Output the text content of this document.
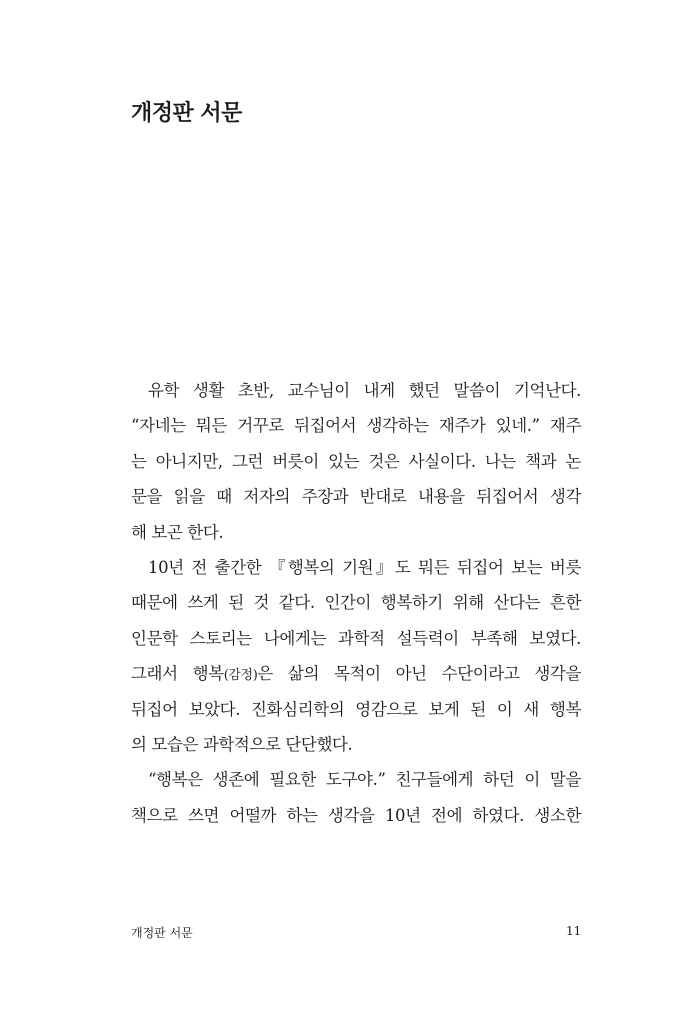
개정판 서문
유학 생활 초반, 교수님이 내게 했던 말씀이 기억난다.
“자네는 뭐든 거꾸로 뒤집어서 생각하는 재주가 있네.” 재주
는 아니지만, 그런 버릇이 있는 것은 사실이다. 나는 책과 논
문을 읽을 때 저자의 주장과 반대로 내용을 뒤집어서 생각
해 보곤 한다.
10년 전 출간한 『행복의 기원』도 뭐든 뒤집어 보는 버릇
때문에 쓰게 된 것 같다. 인간이 행복하기 위해 산다는 흔한
인문학 스토리는 나에게는 과학적 설득력이 부족해 보였다.
그래서 행복(감정)은 삶의 목적이 아닌 수단이라고 생각을
뒤집어 보았다. 진화심리학의 영감으로 보게 된 이 새 행복
의 모습은 과학적으로 단단했다.
“행복은 생존에 필요한 도구야.” 친구들에게 하던 이 말을
책으로 쓰면 어떨까 하는 생각을 10년 전에 하였다. 생소한
개정판 서문	11
